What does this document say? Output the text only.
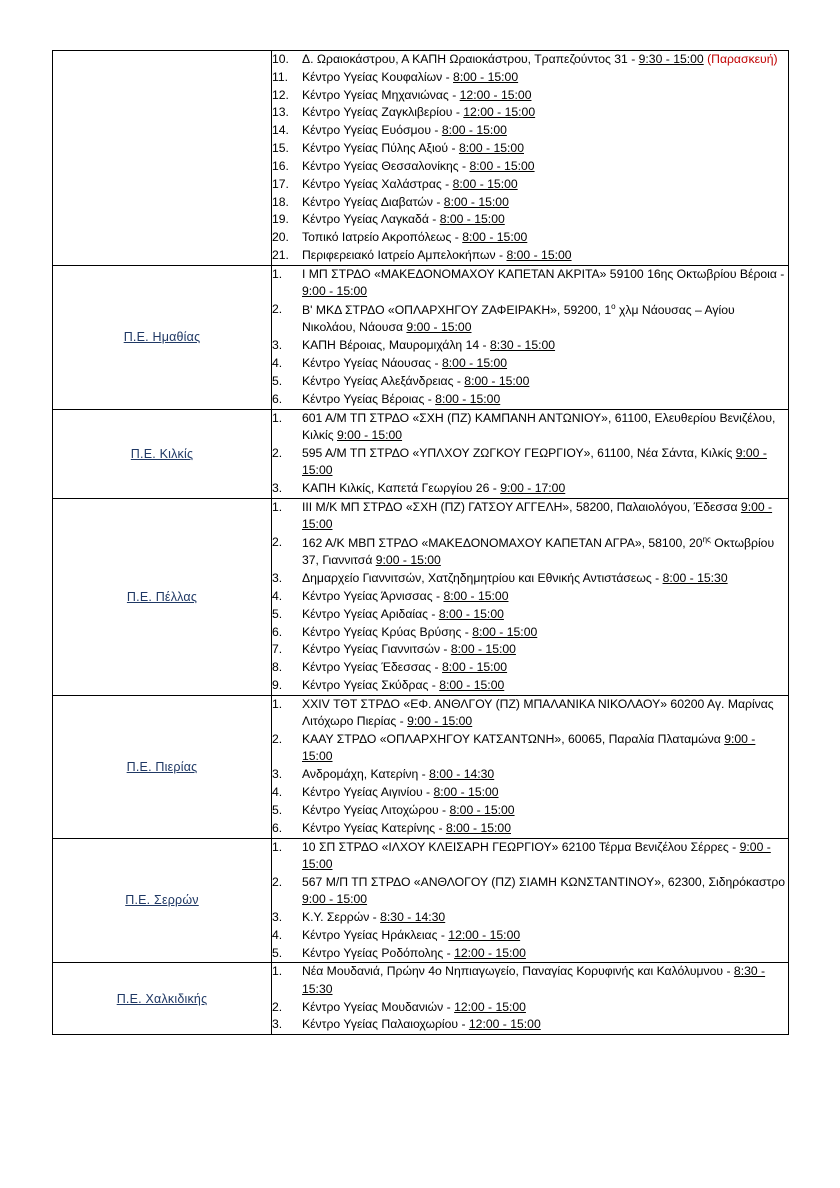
10.	Δ. Ωραιοκάστρου, Α ΚΑΠΗ Ωραιοκάστρου, Τραπεζούντος 31 - 9:30 - 15:00 (Παρασκευή)
11.	Κέντρο Υγείας Κουφαλίων - 8:00 - 15:00
12.	Κέντρο Υγείας Μηχανιώνας - 12:00 - 15:00
13.	Κέντρο Υγείας Ζαγκλιβερίου - 12:00 - 15:00
14.	Κέντρο Υγείας Ευόσμου - 8:00 - 15:00
15.	Κέντρο Υγείας Πύλης Αξιού - 8:00 - 15:00
16.	Κέντρο Υγείας Θεσσαλονίκης - 8:00 - 15:00
17.	Κέντρο Υγείας Χαλάστρας - 8:00 - 15:00
18.	Κέντρο Υγείας Διαβατών - 8:00 - 15:00
19.	Κέντρο Υγείας Λαγκαδά - 8:00 - 15:00
20.	Τοπικό Ιατρείο Ακροπόλεως - 8:00 - 15:00
21.	Περιφερειακό Ιατρείο Αμπελοκήπων - 8:00 - 15:00

Π.Ε. Ημαθίας	
1.	Ι ΜΠ ΣΤΡΔΟ «ΜΑΚΕΔΟΝΟΜΑΧΟΥ ΚΑΠΕΤΑΝ ΑΚΡΙΤΑ» 59100 16ης Οκτωβρίου Βέροια - 9:00 - 15:00
2.	Β' ΜΚΔ ΣΤΡΔΟ «ΟΠΛΑΡΧΗΓΟΥ ΖΑΦΕΙΡΑΚΗ», 59200, $1^o$ χλμ Νάουσας – Αγίου Νικολάου, Νάουσα 9:00 - 15:00
3.	ΚΑΠΗ Βέροιας, Μαυρομιχάλη 14 - 8:30 - 15:00
4.	Κέντρο Υγείας Νάουσας - 8:00 - 15:00
5.	Κέντρο Υγείας Αλεξάνδρειας - 8:00 - 15:00
6.	Κέντρο Υγείας Βέροιας - 8:00 - 15:00

Π.Ε. Κιλκίς	
1.	601 Α/Μ ΤΠ ΣΤΡΔΟ «ΣΧΗ (ΠΖ) ΚΑΜΠΑΝΗ ΑΝΤΩΝΙΟΥ», 61100, Ελευθερίου Βενιζέλου, Κιλκίς 9:00 - 15:00
2.	595 Α/Μ ΤΠ ΣΤΡΔΟ «ΥΠΛΧΟΥ ΖΩΓΚΟΥ ΓΕΩΡΓΙΟΥ», 61100, Νέα Σάντα, Κιλκίς 9:00 - 15:00
3.	ΚΑΠΗ Κιλκίς, Καπετά Γεωργίου 26 - 9:00 - 17:00

Π.Ε. Πέλλας	
1.	ΙΙΙ Μ/Κ ΜΠ ΣΤΡΔΟ «ΣΧΗ (ΠΖ) ΓΑΤΣΟΥ ΑΓΓΕΛΗ», 58200, Παλαιολόγου, Έδεσσα 9:00 - 15:00
2.	162 Α/Κ ΜΒΠ ΣΤΡΔΟ «ΜΑΚΕΔΟΝΟΜΑΧΟΥ ΚΑΠΕΤΑΝ ΑΓΡΑ», 58100, $20^{\eta\varsigma}$ Οκτωβρίου 37, Γιαννιτσά 9:00 - 15:00
3.	Δημαρχείο Γιαννιτσών, Χατζηδημητρίου και Εθνικής Αντιστάσεως - 8:00 - 15:30
4.	Κέντρο Υγείας Άρνισσας - 8:00 - 15:00
5.	Κέντρο Υγείας Αριδαίας - 8:00 - 15:00
6.	Κέντρο Υγείας Κρύας Βρύσης - 8:00 - 15:00
7.	Κέντρο Υγείας Γιαννιτσών - 8:00 - 15:00
8.	Κέντρο Υγείας Έδεσσας - 8:00 - 15:00
9.	Κέντρο Υγείας Σκύδρας - 8:00 - 15:00

Π.Ε. Πιερίας	
1.	XXIV ΤΘΤ ΣΤΡΔΟ «ΕΦ. ΑΝΘΛΓΟΥ (ΠΖ) ΜΠΑΛΑΝΙΚΑ ΝΙΚΟΛΑΟΥ» 60200 Αγ. Μαρίνας Λιτόχωρο Πιερίας - 9:00 - 15:00
2.	ΚΑΑΥ ΣΤΡΔΟ «ΟΠΛΑΡΧΗΓΟΥ ΚΑΤΣΑΝΤΩΝΗ», 60065, Παραλία Πλαταμώνα 9:00 - 15:00
3.	Ανδρομάχη, Κατερίνη - 8:00 - 14:30
4.	Κέντρο Υγείας Αιγινίου - 8:00 - 15:00
5.	Κέντρο Υγείας Λιτοχώρου - 8:00 - 15:00
6.	Κέντρο Υγείας Κατερίνης - 8:00 - 15:00

Π.Ε. Σερρών	
1.	10 ΣΠ ΣΤΡΔΟ «ΙΛΧΟΥ ΚΛΕΙΣΑΡΗ ΓΕΩΡΓΙΟΥ» 62100 Τέρμα Βενιζέλου Σέρρες - 9:00 - 15:00
2.	567 Μ/Π ΤΠ ΣΤΡΔΟ «ΑΝΘΛΟΓΟΥ (ΠΖ) ΣΙΑΜΗ ΚΩΝΣΤΑΝΤΙΝΟΥ», 62300, Σιδηρόκαστρο 9:00 - 15:00
3.	Κ.Υ. Σερρών - 8:30 - 14:30
4.	Κέντρο Υγείας Ηράκλειας - 12:00 - 15:00
5.	Κέντρο Υγείας Ροδόπολης - 12:00 - 15:00

Π.Ε. Χαλκιδικής	
1.	Νέα Μουδανιά, Πρώην 4ο Νηπιαγωγείο, Παναγίας Κορυφινής και Καλόλυμνου - 8:30 - 15:30
2.	Κέντρο Υγείας Μουδανιών - 12:00 - 15:00
3.	Κέντρο Υγείας Παλαιοχωρίου - 12:00 - 15:00
